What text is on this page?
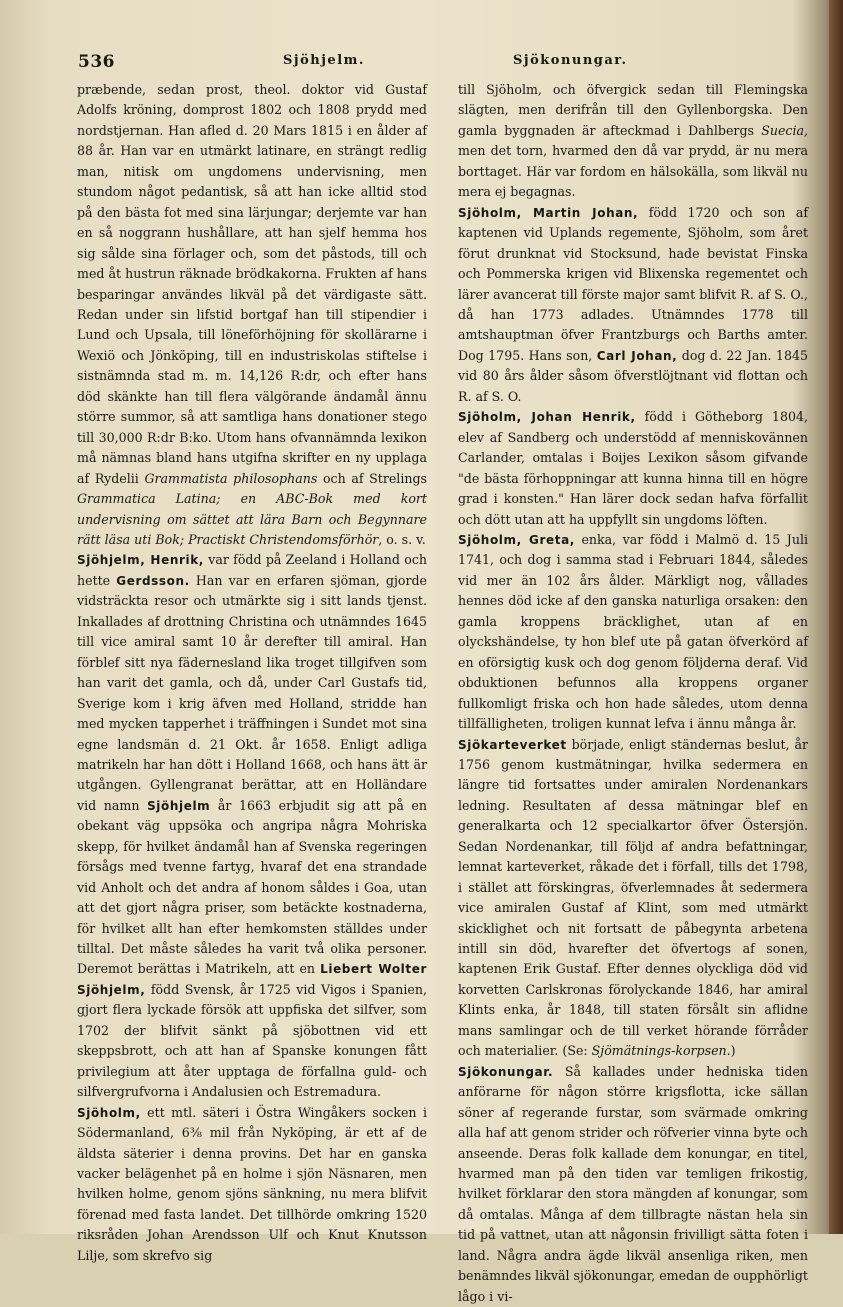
536	Sjöhjelm.	Sjökonungar.

præbende, sedan prost, theol. doktor vid Gustaf Adolfs kröning, domprost 1802 och 1808 prydd med nordstjernan. Han afled d. 20 Mars 1815 i en ålder af 88 år. Han var en utmärkt latinare, en strängt redlig man, nitisk om ungdomens undervisning, men stundom något pedantisk, så att han icke alltid stod på den bästa fot med sina lärjungar; derjemte var han en så noggrann hushållare, att han sjelf hemma hos sig sålde sina förlager och, som det påstods, till och med åt hustrun räknade brödkakorna. Frukten af hans besparingar användes likväl på det värdigaste sätt. Redan under sin lifstid bortgaf han till stipendier i Lund och Upsala, till löneförhöjning för skollärarne i Wexiö och Jönköping, till en industriskolas stiftelse i sistnämnda stad m. m. 14,126 R:dr, och efter hans död skänkte han till flera välgörande ändamål ännu större summor, så att samtliga hans donationer stego till 30,000 R:dr B:ko. Utom hans ofvannämnda lexikon må nämnas bland hans utgifna skrifter en ny upplaga af Rydelii Grammatista philosophans och af Strelings Grammatica Latina; en ABC-Bok med kort undervisning om sättet att lära Barn och Begynnare rätt läsa uti Bok; Practiskt Christendomsförhör, o. s. v.

Sjöhjelm, Henrik, var född på Zeeland i Holland och hette Gerdsson. Han var en erfaren sjöman, gjorde vidsträckta resor och utmärkte sig i sitt lands tjenst. Inkallades af drottning Christina och utnämndes 1645 till vice amiral samt 10 år derefter till amiral. Han förblef sitt nya fädernesland lika troget tillgifven som han varit det gamla, och då, under Carl Gustafs tid, Sverige kom i krig äfven med Holland, stridde han med mycken tapperhet i träffningen i Sundet mot sina egne landsmän d. 21 Okt. år 1658. Enligt adliga matrikeln har han dött i Holland 1668, och hans ätt är utgången. Gyllengranat berättar, att en Holländare vid namn Sjöhjelm år 1663 erbjudit sig att på en obekant väg uppsöka och angripa några Mohriska skepp, för hvilket ändamål han af Svenska regeringen försågs med tvenne fartyg, hvaraf det ena strandade vid Anholt och det andra af honom såldes i Goa, utan att det gjort några priser, som betäckte kostnaderna, för hvilket allt han efter hemkomsten ställdes under tilltal. Det måste således ha varit två olika personer. Deremot berättas i Matrikeln, att en Liebert Wolter Sjöhjelm, född Svensk, år 1725 vid Vigos i Spanien, gjort flera lyckade försök att uppfiska det silfver, som 1702 der blifvit sänkt på sjöbottnen vid ett skeppsbrott, och att han af Spanske konungen fått privilegium att åter upptaga de förfallna guld- och silfvergrufvorna i Andalusien och Estremadura.

Sjöholm, ett mtl. säteri i Östra Wingåkers socken i Södermanland, 6⅜ mil från Nyköping, är ett af de äldsta säterier i denna provins. Det har en ganska vacker belägenhet på en holme i sjön Näsnaren, men hvilken holme, genom sjöns sänkning, nu mera blifvit förenad med fasta landet. Det tillhörde omkring 1520 riksråden Johan Arendsson Ulf och Knut Knutsson Lilje, som skrefvo sig

till Sjöholm, och öfvergick sedan till Flemingska slägten, men derifrån till den Gyllenborgska. Den gamla byggnaden är afteckmad i Dahlbergs Suecia, men det torn, hvarmed den då var prydd, är nu mera borttaget. Här var fordom en hälsokälla, som likväl nu mera ej begagnas.

Sjöholm, Martin Johan, född 1720 och son af kaptenen vid Uplands regemente, Sjöholm, som året förut drunknat vid Stocksund, hade bevistat Finska och Pommerska krigen vid Blixenska regementet och lärer avancerat till förste major samt blifvit R. af S. O., då han 1773 adlades. Utnämndes 1778 till amtshauptman öfver Frantzburgs och Barths amter. Dog 1795. Hans son, Carl Johan, dog d. 22 Jan. 1845 vid 80 års ålder såsom öfverstlöjtnant vid flottan och R. af S. O.

Sjöholm, Johan Henrik, född i Götheborg 1804, elev af Sandberg och understödd af menniskovännen Carlander, omtalas i Boijes Lexikon såsom gifvande "de bästa förhoppningar att kunna hinna till en högre grad i konsten." Han lärer dock sedan hafva förfallit och dött utan att ha uppfyllt sin ungdoms löften.

Sjöholm, Greta, enka, var född i Malmö d. 15 Juli 1741, och dog i samma stad i Februari 1844, således vid mer än 102 års ålder. Märkligt nog, vållades hennes död icke af den ganska naturliga orsaken: den gamla kroppens bräcklighet, utan af en olyckshändelse, ty hon blef ute på gatan öfverkörd af en oförsigtig kusk och dog genom följderna deraf. Vid obduktionen befunnos alla kroppens organer fullkomligt friska och hon hade således, utom denna tillfälligheten, troligen kunnat lefva i ännu många år.

Sjökarteverket började, enligt ständernas beslut, år 1756 genom kustmätningar, hvilka sedermera en längre tid fortsattes under amiralen Nordenankars ledning. Resultaten af dessa mätningar blef en generalkarta och 12 specialkartor öfver Östersjön. Sedan Nordenankar, till följd af andra befattningar, lemnat karteverket, råkade det i förfall, tills det 1798, i stället att förskingras, öfverlemnades åt sedermera vice amiralen Gustaf af Klint, som med utmärkt skicklighet och nit fortsatt de påbegynta arbetena intill sin död, hvarefter det öfvertogs af sonen, kaptenen Erik Gustaf. Efter dennes olyckliga död vid korvetten Carlskronas förolyckande 1846, har amiral Klints enka, år 1848, till staten försålt sin aflidne mans samlingar och de till verket hörande förråder och materialier. (Se: Sjömätnings-korpsen.)

Sjökonungar. Så kallades under hedniska tiden anförarne för någon större krigsflotta, icke sällan söner af regerande furstar, som svärmade omkring alla haf att genom strider och röfverier vinna byte och anseende. Deras folk kallade dem konungar, en titel, hvarmed man på den tiden var temligen frikostig, hvilket förklarar den stora mängden af konungar, som då omtalas. Många af dem tillbragte nästan hela sin tid på vattnet, utan att någonsin frivilligt sätta foten i land. Några andra ägde likväl ansenliga riken, men benämndes likväl sjökonungar, emedan de oupphörligt lågo i vi-
